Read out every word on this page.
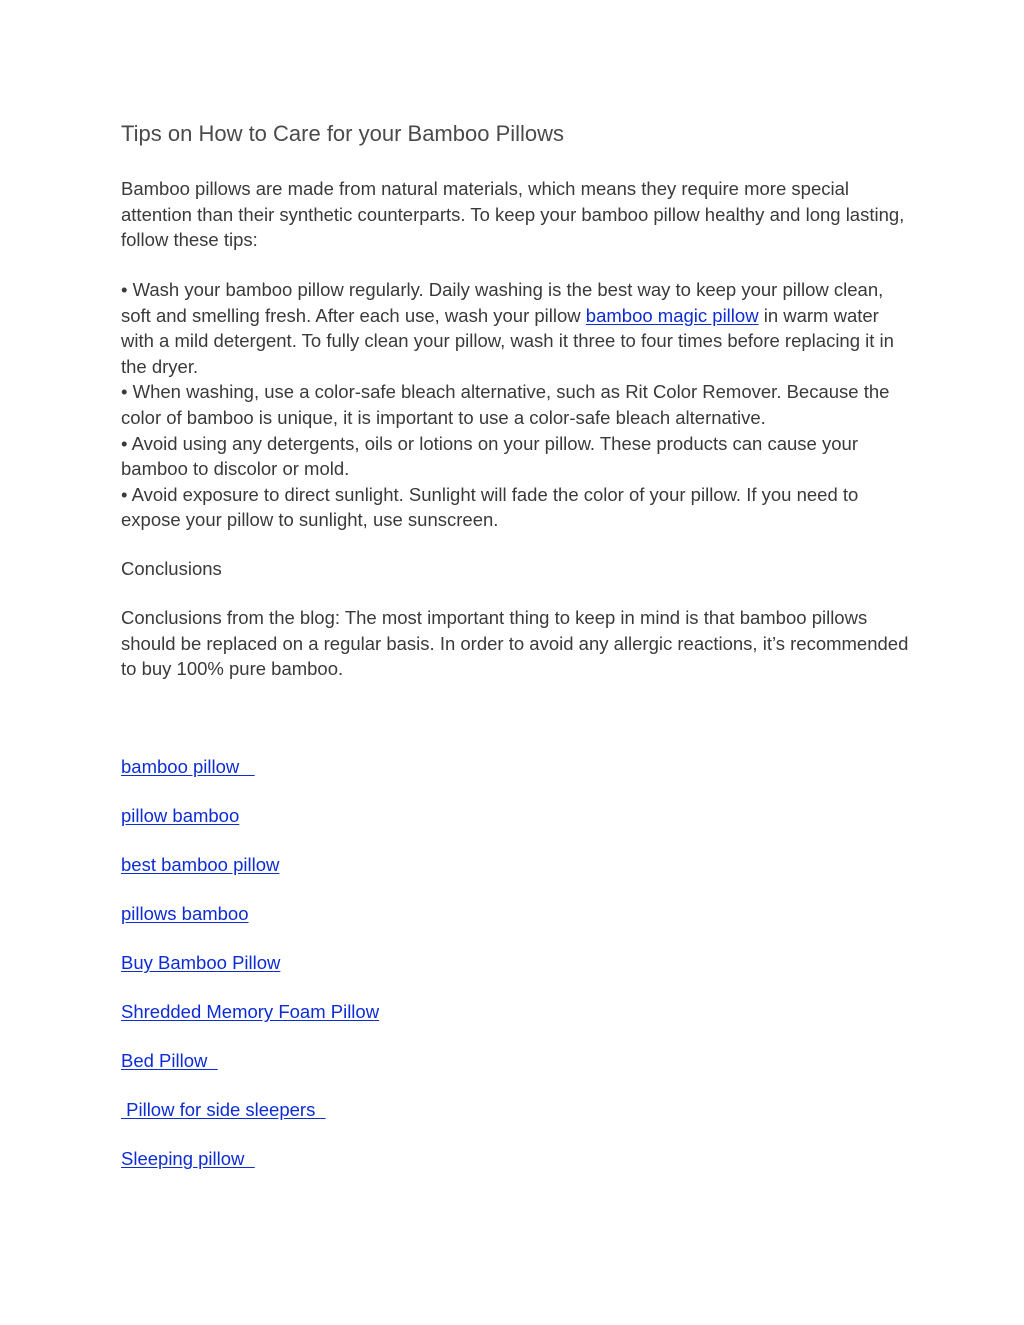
Tips on How to Care for your Bamboo Pillows

Bamboo pillows are made from natural materials, which means they require more special attention than their synthetic counterparts. To keep your bamboo pillow healthy and long lasting, follow these tips:

• Wash your bamboo pillow regularly. Daily washing is the best way to keep your pillow clean, soft and smelling fresh. After each use, wash your pillow bamboo magic pillow in warm water with a mild detergent. To fully clean your pillow, wash it three to four times before replacing it in the dryer.
• When washing, use a color-safe bleach alternative, such as Rit Color Remover. Because the color of bamboo is unique, it is important to use a color-safe bleach alternative.
• Avoid using any detergents, oils or lotions on your pillow. These products can cause your bamboo to discolor or mold.
• Avoid exposure to direct sunlight. Sunlight will fade the color of your pillow. If you need to expose your pillow to sunlight, use sunscreen.

Conclusions

Conclusions from the blog: The most important thing to keep in mind is that bamboo pillows should be replaced on a regular basis. In order to avoid any allergic reactions, it’s recommended to buy 100% pure bamboo.

bamboo pillow
pillow bamboo
best bamboo pillow
pillows bamboo
Buy Bamboo Pillow
Shredded Memory Foam Pillow
Bed Pillow
Pillow for side sleepers
Sleeping pillow
